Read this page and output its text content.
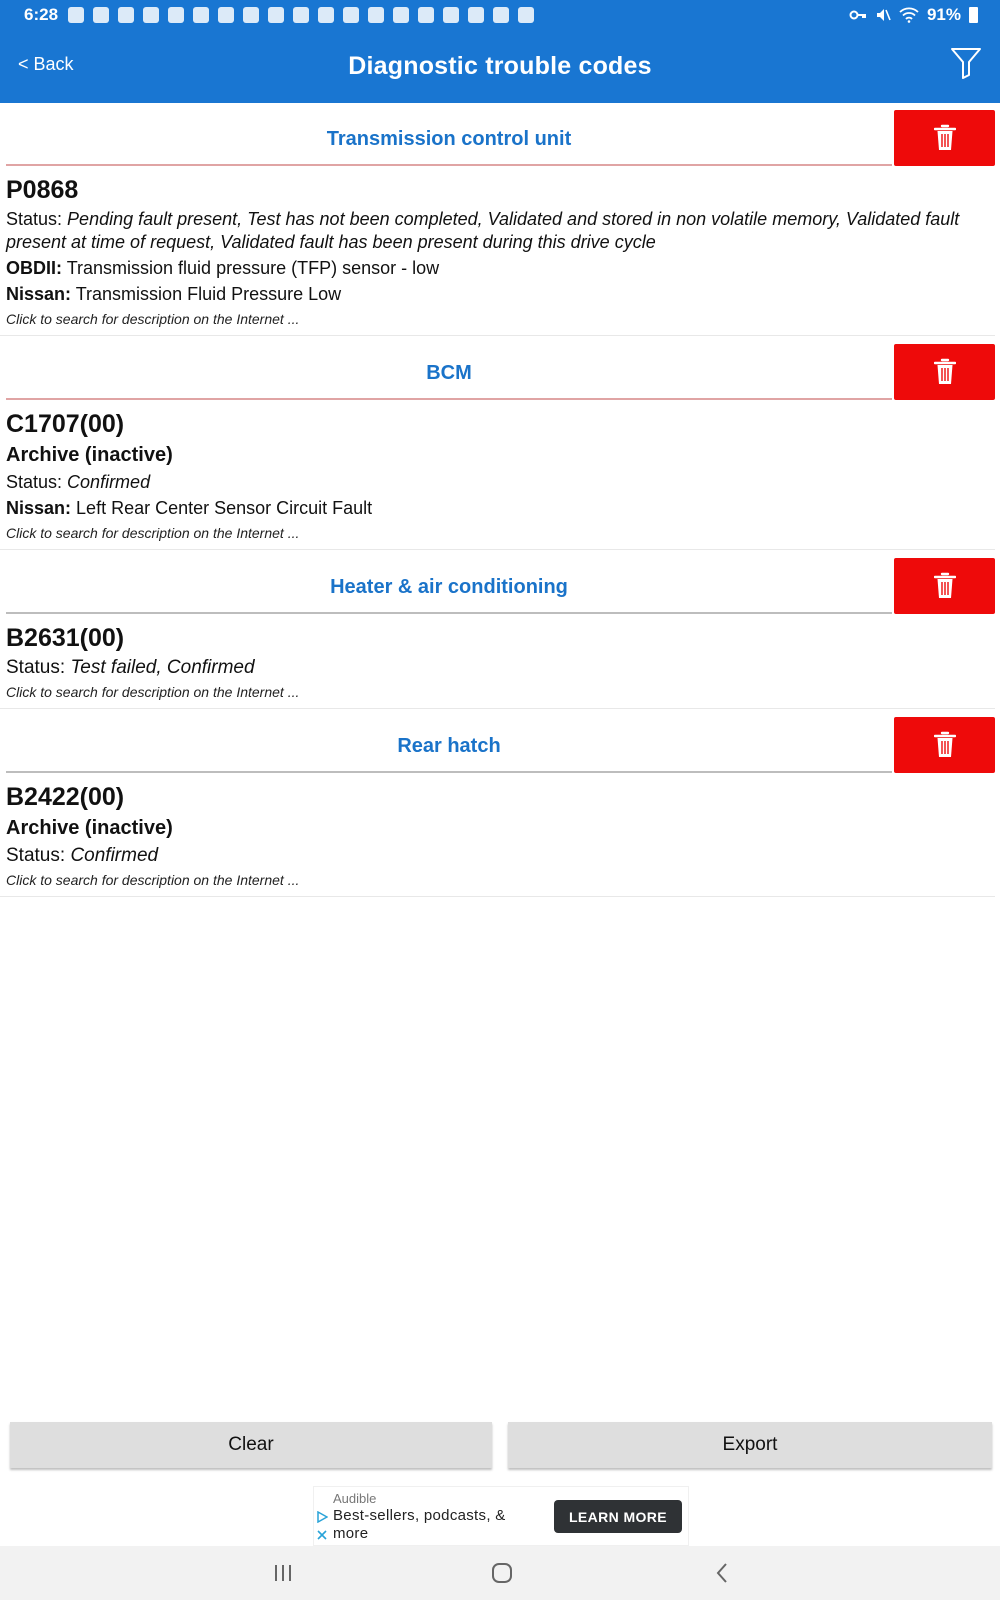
6:28	91%
< Back	Diagnostic trouble codes
Transmission control unit
P0868
Status: Pending fault present, Test has not been completed, Validated and stored in non volatile memory, Validated fault present at time of request, Validated fault has been present during this drive cycle
OBDII: Transmission fluid pressure (TFP) sensor - low
Nissan: Transmission Fluid Pressure Low
Click to search for description on the Internet ...
BCM
C1707(00)
Archive (inactive)
Status: Confirmed
Nissan: Left Rear Center Sensor Circuit Fault
Click to search for description on the Internet ...
Heater & air conditioning
B2631(00)
Status: Test failed, Confirmed
Click to search for description on the Internet ...
Rear hatch
B2422(00)
Archive (inactive)
Status: Confirmed
Click to search for description on the Internet ...
Clear	Export
Audible
Best-sellers, podcasts, & more
LEARN MORE
